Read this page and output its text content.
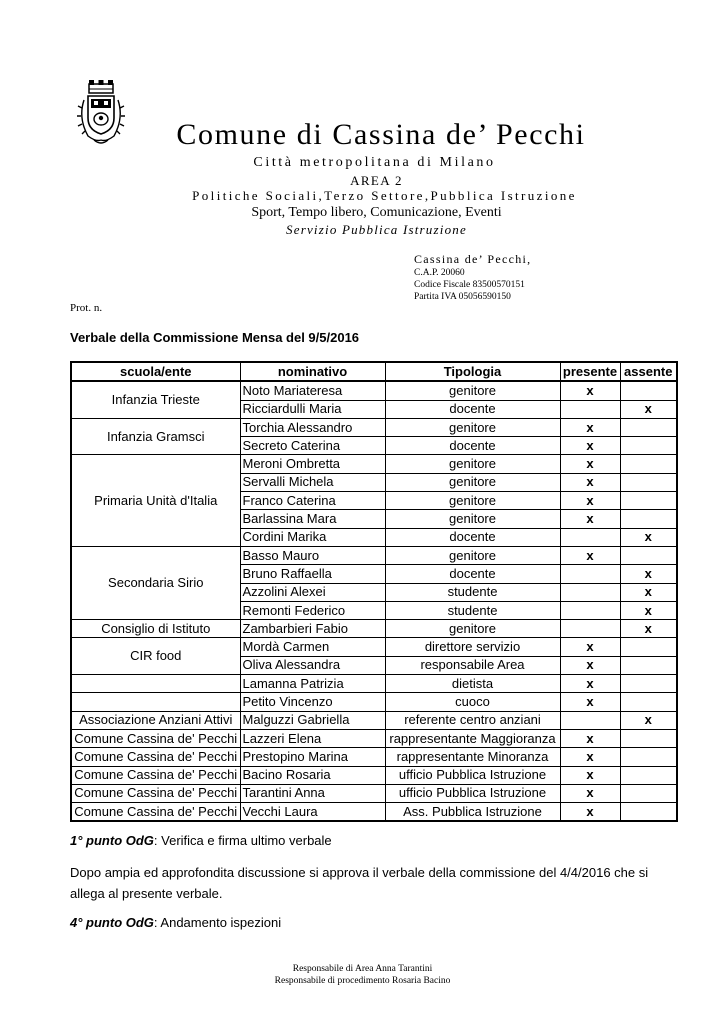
Comune di Cassina de’ Pecchi
Città metropolitana di Milano
AREA 2
Politiche Sociali,Terzo Settore,Pubblica Istruzione
Sport, Tempo libero, Comunicazione, Eventi
Servizio Pubblica Istruzione
Cassina de’ Pecchi,
C.A.P. 20060
Codice Fiscale 83500570151
Partita IVA 05056590150
Prot. n.
Verbale della Commissione Mensa del 9/5/2016
scuola/ente	nominativo	Tipologia	presente	assente
Infanzia Trieste	Noto Mariateresa	genitore	x	
	Ricciardulli Maria	docente		x
Infanzia Gramsci	Torchia Alessandro	genitore	x	
	Secreto Caterina	docente	x	
Primaria Unità d'Italia	Meroni Ombretta	genitore	x	
	Servalli Michela	genitore	x	
	Franco Caterina	genitore	x	
	Barlassina Mara	genitore	x	
	Cordini Marika	docente		x
Secondaria Sirio	Basso Mauro	genitore	x	
	Bruno Raffaella	docente		x
	Azzolini Alexei	studente		x
	Remonti Federico	studente		x
Consiglio di Istituto	Zambarbieri Fabio	genitore		x
CIR food	Mordà Carmen	direttore servizio	x	
	Oliva Alessandra	responsabile Area	x	
	Lamanna Patrizia	dietista	x	
	Petito Vincenzo	cuoco	x	
Associazione Anziani Attivi	Malguzzi Gabriella	referente centro anziani		x
Comune Cassina de' Pecchi	Lazzeri Elena	rappresentante Maggioranza	x	
Comune Cassina de' Pecchi	Prestopino Marina	rappresentante Minoranza	x	
Comune Cassina de' Pecchi	Bacino Rosaria	ufficio Pubblica Istruzione	x	
Comune Cassina de' Pecchi	Tarantini Anna	ufficio Pubblica Istruzione	x	
Comune Cassina de' Pecchi	Vecchi Laura	Ass. Pubblica Istruzione	x	
1° punto OdG: Verifica e firma ultimo verbale
Dopo ampia ed approfondita discussione si approva il verbale della commissione del 4/4/2016 che si allega al presente verbale.
4° punto OdG: Andamento ispezioni
Responsabile di Area Anna Tarantini
Responsabile di procedimento Rosaria Bacino
